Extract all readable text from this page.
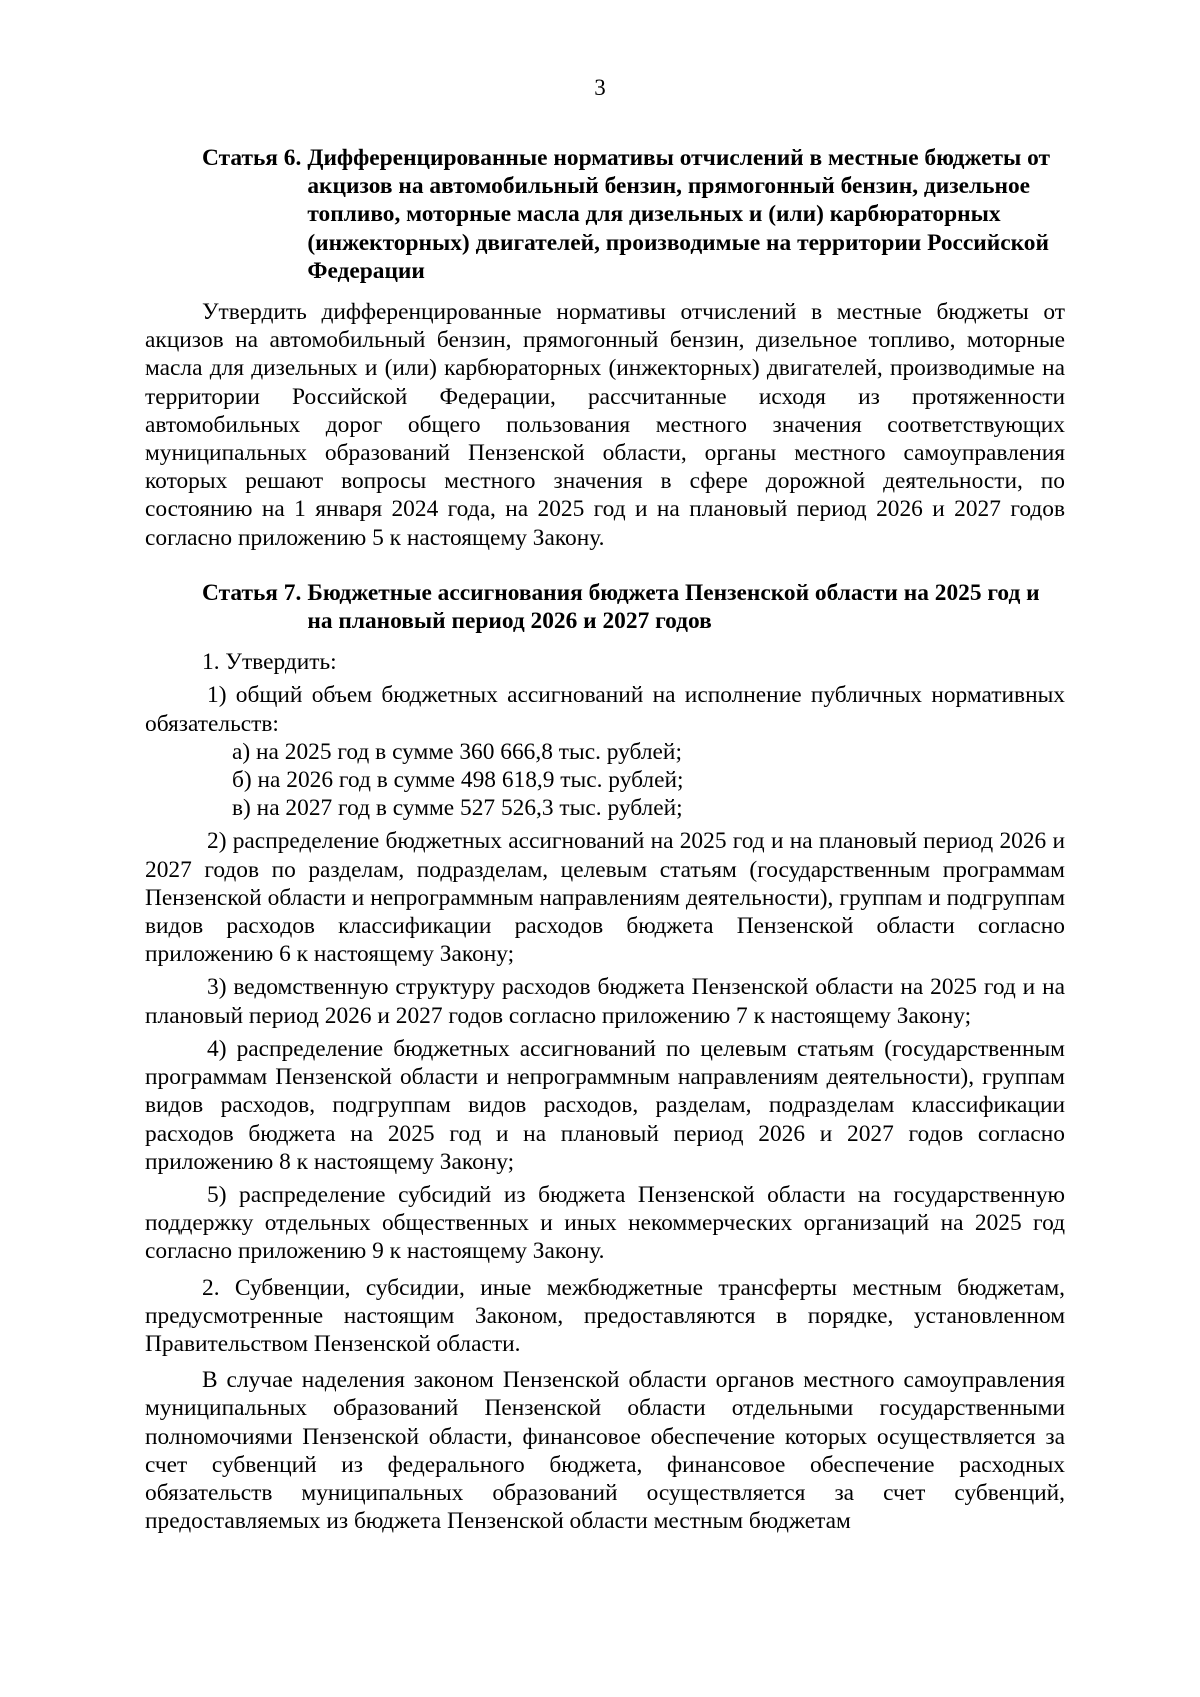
3
Статья 6. Дифференцированные нормативы отчислений в местные бюджеты от акцизов на автомобильный бензин, прямогонный бензин, дизельное топливо, моторные масла для дизельных и (или) карбюраторных (инжекторных) двигателей, производимые на территории Российской Федерации

Утвердить дифференцированные нормативы отчислений в местные бюджеты от акцизов на автомобильный бензин, прямогонный бензин, дизельное топливо, моторные масла для дизельных и (или) карбюраторных (инжекторных) двигателей, производимые на территории Российской Федерации, рассчитанные исходя из протяженности автомобильных дорог общего пользования местного значения соответствующих муниципальных образований Пензенской области, органы местного самоуправления которых решают вопросы местного значения в сфере дорожной деятельности, по состоянию на 1 января 2024 года, на 2025 год и на плановый период 2026 и 2027 годов согласно приложению 5 к настоящему Закону.

Статья 7. Бюджетные ассигнования бюджета Пензенской области на 2025 год и на плановый период 2026 и 2027 годов

1. Утвердить:

1) общий объем бюджетных ассигнований на исполнение публичных нормативных обязательств:

а) на 2025 год в сумме 360 666,8 тыс. рублей;
б) на 2026 год в сумме 498 618,9 тыс. рублей;
в) на 2027 год в сумме 527 526,3 тыс. рублей;

2) распределение бюджетных ассигнований на 2025 год и на плановый период 2026 и 2027 годов по разделам, подразделам, целевым статьям (государственным программам Пензенской области и непрограммным направлениям деятельности), группам и подгруппам видов расходов классификации расходов бюджета Пензенской области согласно приложению 6 к настоящему Закону;

3) ведомственную структуру расходов бюджета Пензенской области на 2025 год и на плановый период 2026 и 2027 годов согласно приложению 7 к настоящему Закону;

4) распределение бюджетных ассигнований по целевым статьям (государственным программам Пензенской области и непрограммным направлениям деятельности), группам видов расходов, подгруппам видов расходов, разделам, подразделам классификации расходов бюджета на 2025 год и на плановый период 2026 и 2027 годов согласно приложению 8 к настоящему Закону;

5) распределение субсидий из бюджета Пензенской области на государственную поддержку отдельных общественных и иных некоммерческих организаций на 2025 год согласно приложению 9 к настоящему Закону.

2. Субвенции, субсидии, иные межбюджетные трансферты местным бюджетам, предусмотренные настоящим Законом, предоставляются в порядке, установленном Правительством Пензенской области.

В случае наделения законом Пензенской области органов местного самоуправления муниципальных образований Пензенской области отдельными государственными полномочиями Пензенской области, финансовое обеспечение которых осуществляется за счет субвенций из федерального бюджета, финансовое обеспечение расходных обязательств муниципальных образований осуществляется за счет субвенций, предоставляемых из бюджета Пензенской области местным бюджетам
